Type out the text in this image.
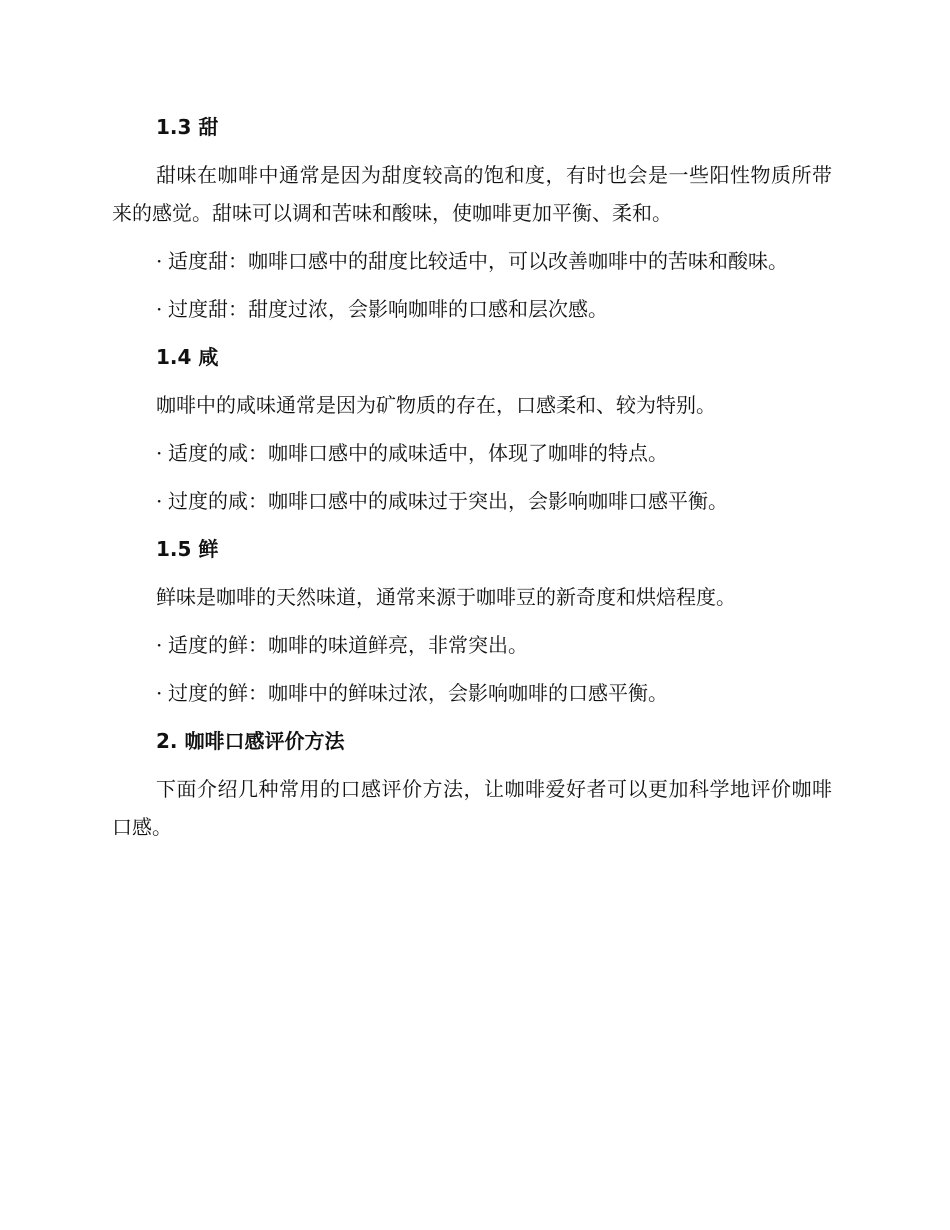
1.3 甜
甜味在咖啡中通常是因为甜度较高的饱和度，有时也会是一些阳性物质所带来的感觉。甜味可以调和苦味和酸味，使咖啡更加平衡、柔和。
· 适度甜：咖啡口感中的甜度比较适中，可以改善咖啡中的苦味和酸味。
· 过度甜：甜度过浓，会影响咖啡的口感和层次感。
1.4 咸
咖啡中的咸味通常是因为矿物质的存在，口感柔和、较为特别。
· 适度的咸：咖啡口感中的咸味适中，体现了咖啡的特点。
· 过度的咸：咖啡口感中的咸味过于突出，会影响咖啡口感平衡。
1.5 鲜
鲜味是咖啡的天然味道，通常来源于咖啡豆的新奇度和烘焙程度。
· 适度的鲜：咖啡的味道鲜亮，非常突出。
· 过度的鲜：咖啡中的鲜味过浓，会影响咖啡的口感平衡。
2. 咖啡口感评价方法
下面介绍几种常用的口感评价方法，让咖啡爱好者可以更加科学地评价咖啡口感。
